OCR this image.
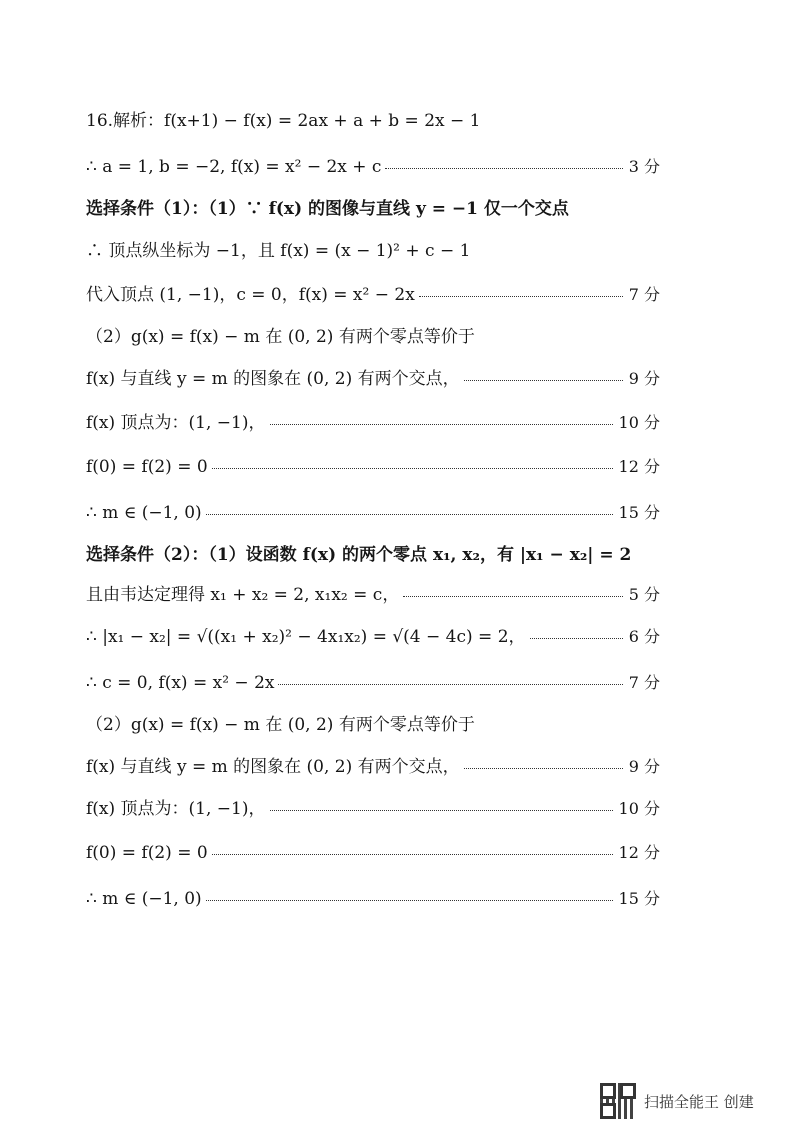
16.解析：f(x+1) − f(x) = 2ax + a + b = 2x − 1
∴ a = 1, b = −2, f(x) = x² − 2x + c	3 分
选择条件（1）：（1）∵ f(x) 的图像与直线 y = −1 仅一个交点
∴ 顶点纵坐标为 −1，且 f(x) = (x − 1)² + c − 1
代入顶点 (1, −1)，c = 0，f(x) = x² − 2x	7 分
（2）g(x) = f(x) − m 在 (0, 2) 有两个零点等价于
f(x) 与直线 y = m 的图象在 (0, 2) 有两个交点，	9 分
f(x) 顶点为：(1, −1)，	10 分
f(0) = f(2) = 0	12 分
∴ m ∈ (−1, 0)	15 分
选择条件（2）：（1）设函数 f(x) 的两个零点 x₁, x₂，有 |x₁ − x₂| = 2
且由韦达定理得 x₁ + x₂ = 2, x₁x₂ = c，	5 分
∴ |x₁ − x₂| = √((x₁ + x₂)² − 4x₁x₂) = √(4 − 4c) = 2，	6 分
∴ c = 0, f(x) = x² − 2x	7 分
（2）g(x) = f(x) − m 在 (0, 2) 有两个零点等价于
f(x) 与直线 y = m 的图象在 (0, 2) 有两个交点，	9 分
f(x) 顶点为：(1, −1)，	10 分
f(0) = f(2) = 0	12 分
∴ m ∈ (−1, 0)	15 分
扫描全能王 创建
